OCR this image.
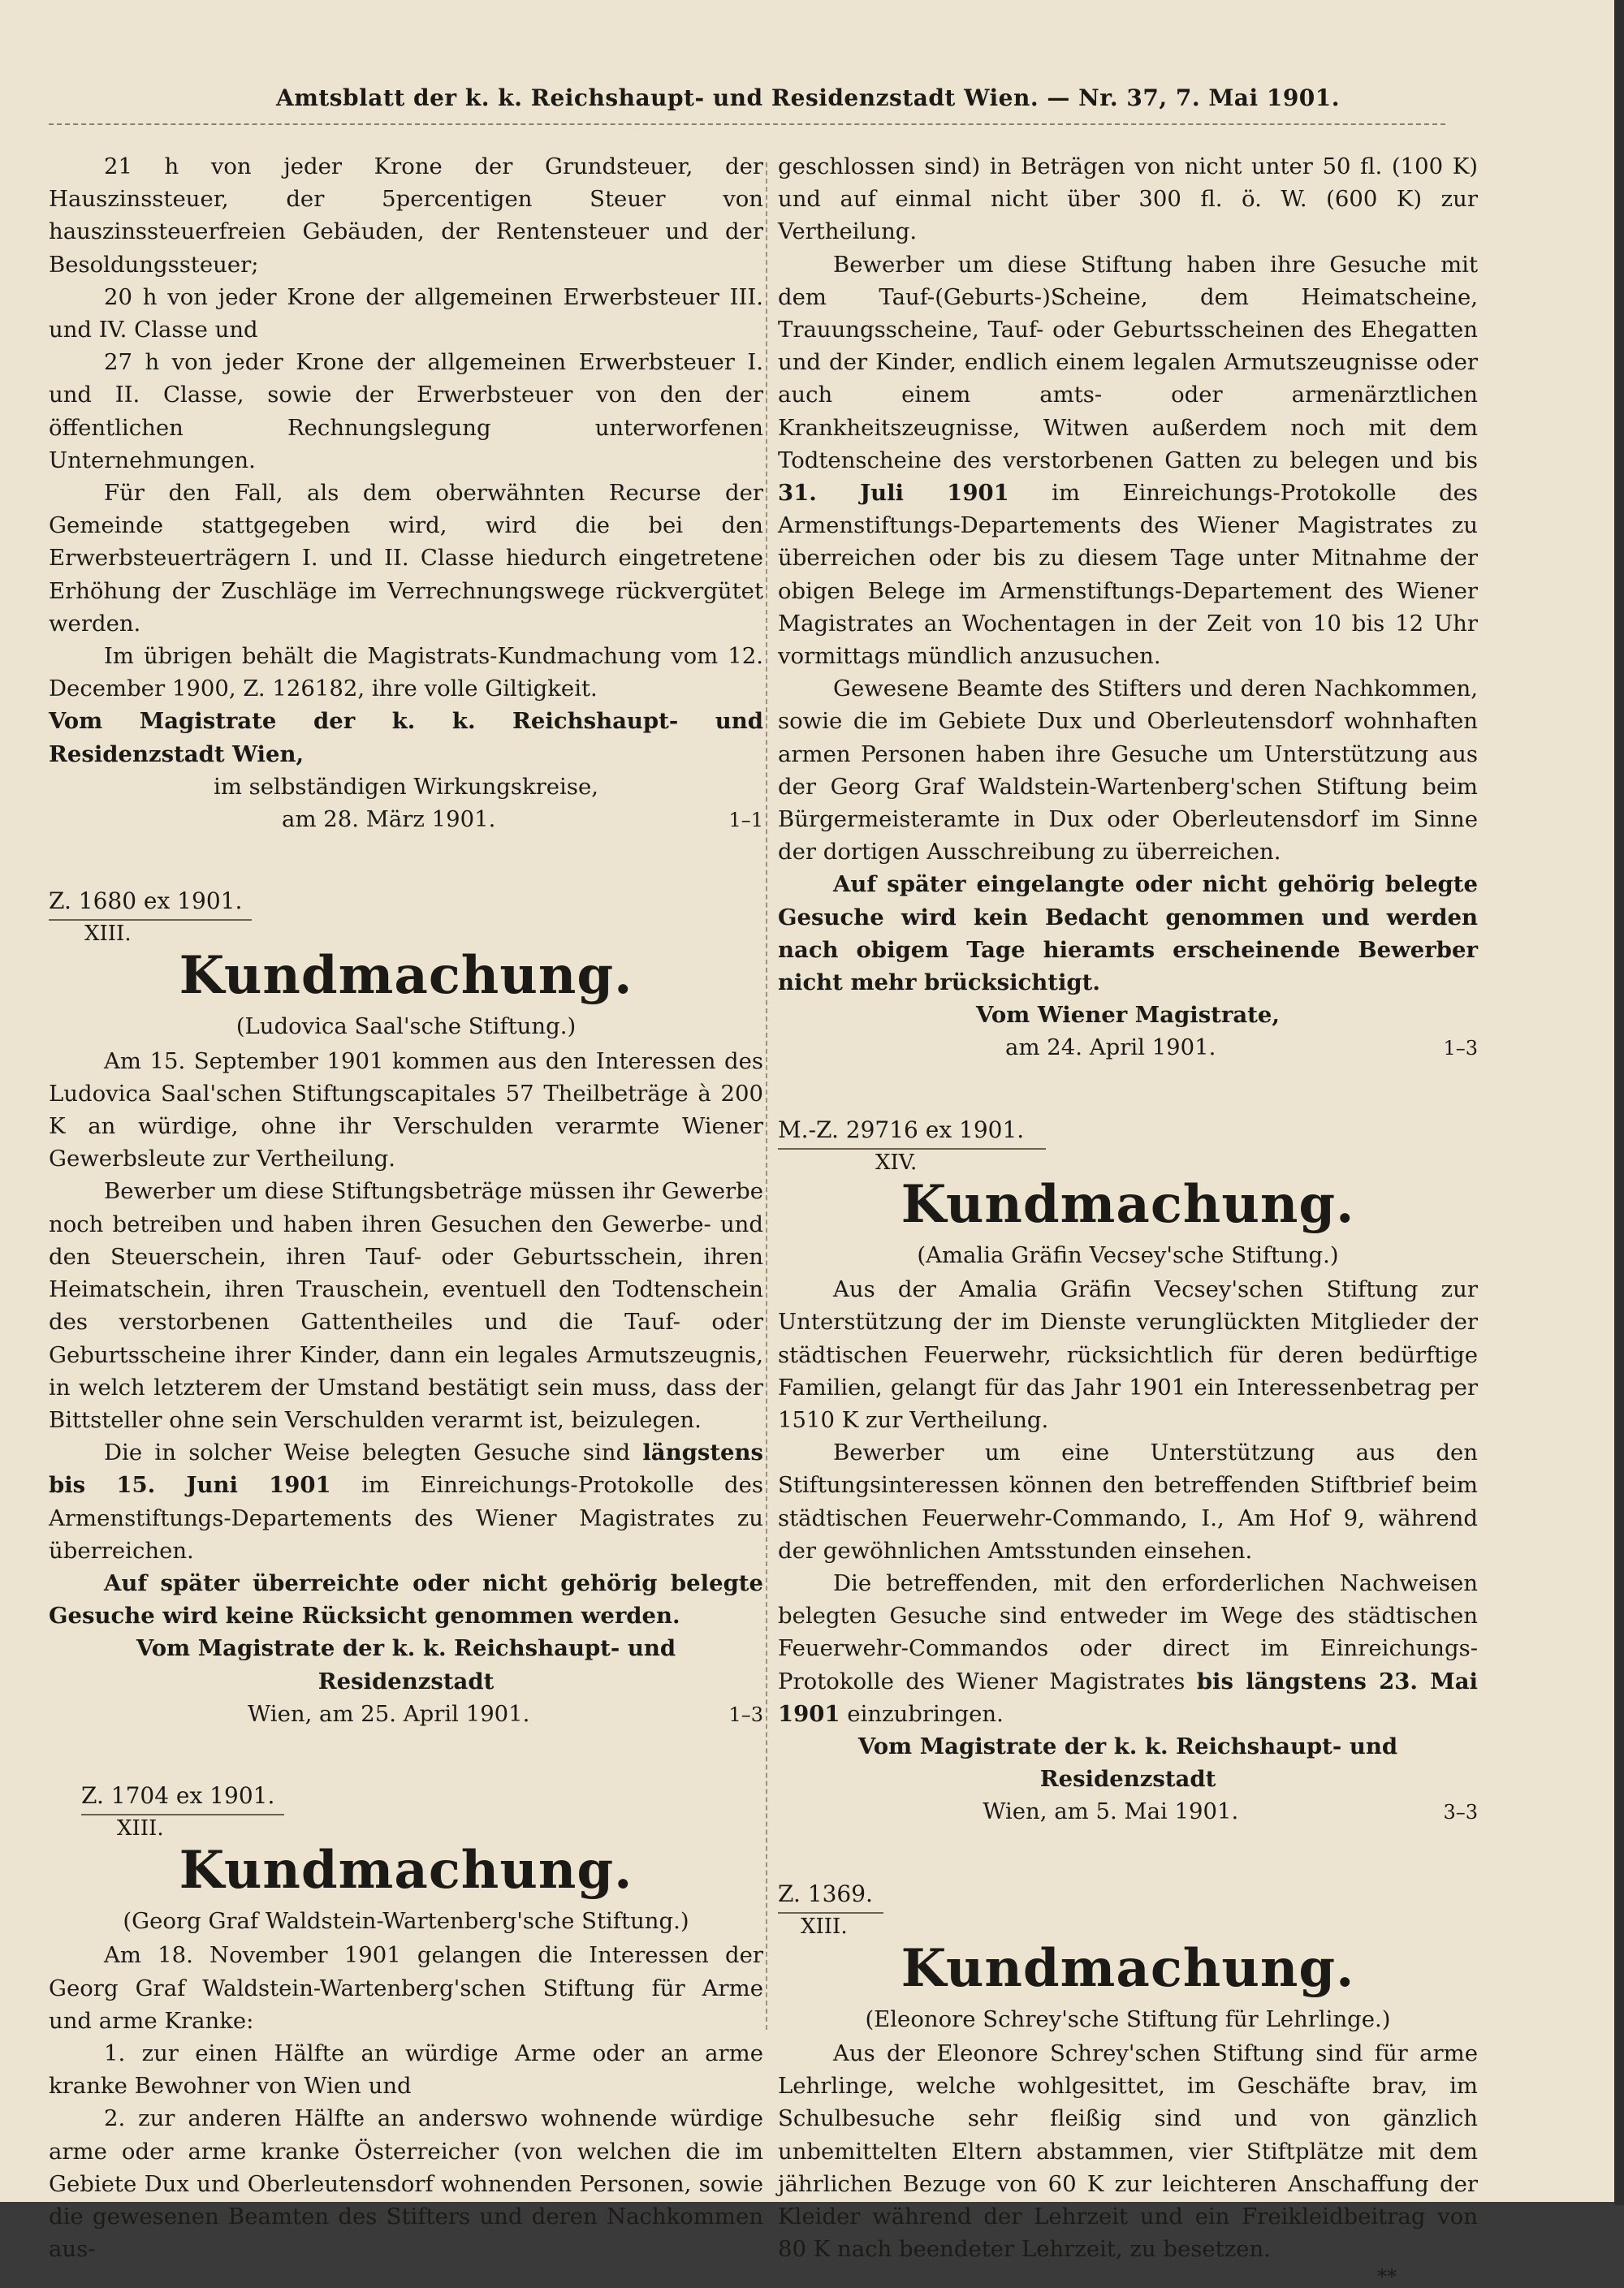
Amtsblatt der k. k. Reichshaupt- und Residenzstadt Wien. — Nr. 37, 7. Mai 1901.

21 h von jeder Krone der Grundsteuer, der Hauszinssteuer, der 5percentigen Steuer von hauszinssteuerfreien Gebäuden, der Rentensteuer und der Besoldungssteuer;

20 h von jeder Krone der allgemeinen Erwerbsteuer III. und IV. Classe und

27 h von jeder Krone der allgemeinen Erwerbsteuer I. und II. Classe, sowie der Erwerbsteuer von den der öffentlichen Rechnungslegung unterworfenen Unternehmungen.

Für den Fall, als dem oberwähnten Recurse der Gemeinde stattgegeben wird, wird die bei den Erwerbsteuerträgern I. und II. Classe hiedurch eingetretene Erhöhung der Zuschläge im Verrechnungswege rückvergütet werden.

Im übrigen behält die Magistrats-Kundmachung vom 12. December 1900, Z. 126182, ihre volle Giltigkeit.

Vom Magistrate der k. k. Reichshaupt- und Residenzstadt Wien,

im selbständigen Wirkungskreise,

am 28. März 1901.	1–1
Z. 1680 ex 1901.
XIII.
Kundmachung.

(Ludovica Saal'sche Stiftung.)

Am 15. September 1901 kommen aus den Interessen des Ludovica Saal'schen Stiftungscapitales 57 Theilbeträge à 200 K an würdige, ohne ihr Verschulden verarmte Wiener Gewerbsleute zur Vertheilung.

Bewerber um diese Stiftungsbeträge müssen ihr Gewerbe noch betreiben und haben ihren Gesuchen den Gewerbe- und den Steuerschein, ihren Tauf- oder Geburtsschein, ihren Heimatschein, ihren Trauschein, eventuell den Todtenschein des verstorbenen Gattentheiles und die Tauf- oder Geburtsscheine ihrer Kinder, dann ein legales Armutszeugnis, in welch letzterem der Umstand bestätigt sein muss, dass der Bittsteller ohne sein Verschulden verarmt ist, beizulegen.

Die in solcher Weise belegten Gesuche sind längstens bis 15. Juni 1901 im Einreichungs-Protokolle des Armenstiftungs-Departements des Wiener Magistrates zu überreichen.

Auf später überreichte oder nicht gehörig belegte Gesuche wird keine Rücksicht genommen werden.

Vom Magistrate der k. k. Reichshaupt- und Residenzstadt

Wien, am 25. April 1901.	1–3
Z. 1704 ex 1901.
XIII.
Kundmachung.

(Georg Graf Waldstein-Wartenberg'sche Stiftung.)

Am 18. November 1901 gelangen die Interessen der Georg Graf Waldstein-Wartenberg'schen Stiftung für Arme und arme Kranke:

1. zur einen Hälfte an würdige Arme oder an arme kranke Bewohner von Wien und

2. zur anderen Hälfte an anderswo wohnende würdige arme oder arme kranke Österreicher (von welchen die im Gebiete Dux und Oberleutensdorf wohnenden Personen, sowie die gewesenen Beamten des Stifters und deren Nachkommen aus-

geschlossen sind) in Beträgen von nicht unter 50 fl. (100 K) und auf einmal nicht über 300 fl. ö. W. (600 K) zur Vertheilung.

Bewerber um diese Stiftung haben ihre Gesuche mit dem Tauf-(Geburts-)Scheine, dem Heimatscheine, Trauungsscheine, Tauf- oder Geburtsscheinen des Ehegatten und der Kinder, endlich einem legalen Armutszeugnisse oder auch einem amts- oder armenärztlichen Krankheitszeugnisse, Witwen außerdem noch mit dem Todtenscheine des verstorbenen Gatten zu belegen und bis 31. Juli 1901 im Einreichungs-Protokolle des Armenstiftungs-Departements des Wiener Magistrates zu überreichen oder bis zu diesem Tage unter Mitnahme der obigen Belege im Armenstiftungs-Departement des Wiener Magistrates an Wochentagen in der Zeit von 10 bis 12 Uhr vormittags mündlich anzusuchen.

Gewesene Beamte des Stifters und deren Nachkommen, sowie die im Gebiete Dux und Oberleutensdorf wohnhaften armen Personen haben ihre Gesuche um Unterstützung aus der Georg Graf Waldstein-Wartenberg'schen Stiftung beim Bürgermeisteramte in Dux oder Oberleutensdorf im Sinne der dortigen Ausschreibung zu überreichen.

Auf später eingelangte oder nicht gehörig belegte Gesuche wird kein Bedacht genommen und werden nach obigem Tage hieramts erscheinende Bewerber nicht mehr brücksichtigt.

Vom Wiener Magistrate,

am 24. April 1901.	1–3
M.-Z. 29716 ex 1901.
XIV.
Kundmachung.

(Amalia Gräfin Vecsey'sche Stiftung.)

Aus der Amalia Gräfin Vecsey'schen Stiftung zur Unterstützung der im Dienste verunglückten Mitglieder der städtischen Feuerwehr, rücksichtlich für deren bedürftige Familien, gelangt für das Jahr 1901 ein Interessenbetrag per 1510 K zur Vertheilung.

Bewerber um eine Unterstützung aus den Stiftungsinteressen können den betreffenden Stiftbrief beim städtischen Feuerwehr-Commando, I., Am Hof 9, während der gewöhnlichen Amtsstunden einsehen.

Die betreffenden, mit den erforderlichen Nachweisen belegten Gesuche sind entweder im Wege des städtischen Feuerwehr-Commandos oder direct im Einreichungs-Protokolle des Wiener Magistrates bis längstens 23. Mai 1901 einzubringen.

Vom Magistrate der k. k. Reichshaupt- und Residenzstadt

Wien, am 5. Mai 1901.	3–3
Z. 1369.
XIII.
Kundmachung.

(Eleonore Schrey'sche Stiftung für Lehrlinge.)

Aus der Eleonore Schrey'schen Stiftung sind für arme Lehrlinge, welche wohlgesittet, im Geschäfte brav, im Schulbesuche sehr fleißig sind und von gänzlich unbemittelten Eltern abstammen, vier Stiftplätze mit dem jährlichen Bezuge von 60 K zur leichteren Anschaffung der Kleider während der Lehrzeit und ein Freikleidbeitrag von 80 K nach beendeter Lehrzeit, zu besetzen.

**
